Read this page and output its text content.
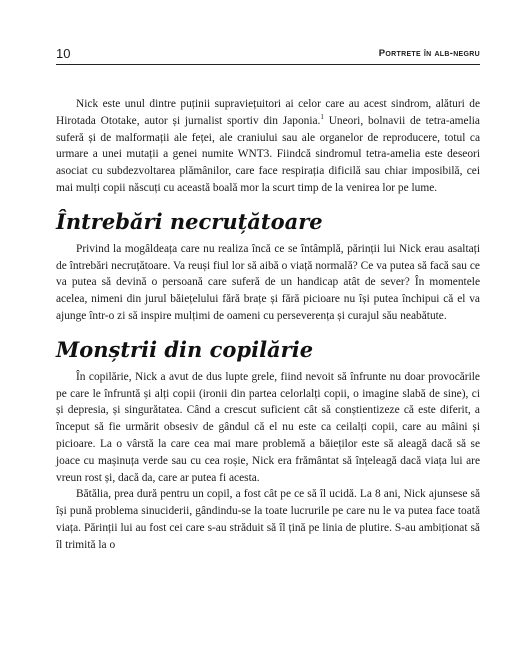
10	Portrete în alb-negru

Nick este unul dintre puținii supraviețuitori ai celor care au acest sindrom, alături de Hirotada Ototake, autor și jurnalist sportiv din Japonia.$^1$ Uneori, bolnavii de tetra-amelia suferă și de malformații ale feței, ale craniului sau ale organelor de reproducere, totul ca urmare a unei mutații a genei numite WNT3. Fiindcă sindromul tetra-amelia este deseori asociat cu subdezvoltarea plămânilor, care face respirația dificilă sau chiar imposibilă, cei mai mulți copii născuți cu această boală mor la scurt timp de la venirea lor pe lume.

Întrebări necruțătoare

Privind la mogâldeața care nu realiza încă ce se întâmplă, părinții lui Nick erau asaltați de întrebări necruțătoare. Va reuși fiul lor să aibă o viață normală? Ce va putea să facă sau ce va putea să devină o persoană care suferă de un handicap atât de sever? În momentele acelea, nimeni din jurul băiețelului fără brațe și fără picioare nu își putea închipui că el va ajunge într-o zi să inspire mulțimi de oameni cu perseverența și curajul său neabătute.

Monștrii din copilărie

În copilărie, Nick a avut de dus lupte grele, fiind nevoit să înfrunte nu doar provocările pe care le înfruntă și alți copii (ironii din partea celorlalți copii, o imagine slabă de sine), ci și depresia, și singurătatea. Când a crescut suficient cât să conștientizeze că este diferit, a început să fie urmărit obsesiv de gândul că el nu este ca ceilalți copii, care au mâini și picioare. La o vârstă la care cea mai mare problemă a băieților este să aleagă dacă să se joace cu mașinuța verde sau cu cea roșie, Nick era frământat să înțeleagă dacă viața lui are vreun rost și, dacă da, care ar putea fi acesta.

Bătălia, prea dură pentru un copil, a fost cât pe ce să îl ucidă. La 8 ani, Nick ajunsese să își pună problema sinuciderii, gândindu-se la toate lucrurile pe care nu le va putea face toată viața. Părinții lui au fost cei care s-au străduit să îl țină pe linia de plutire. S-au ambiționat să îl trimită la o
